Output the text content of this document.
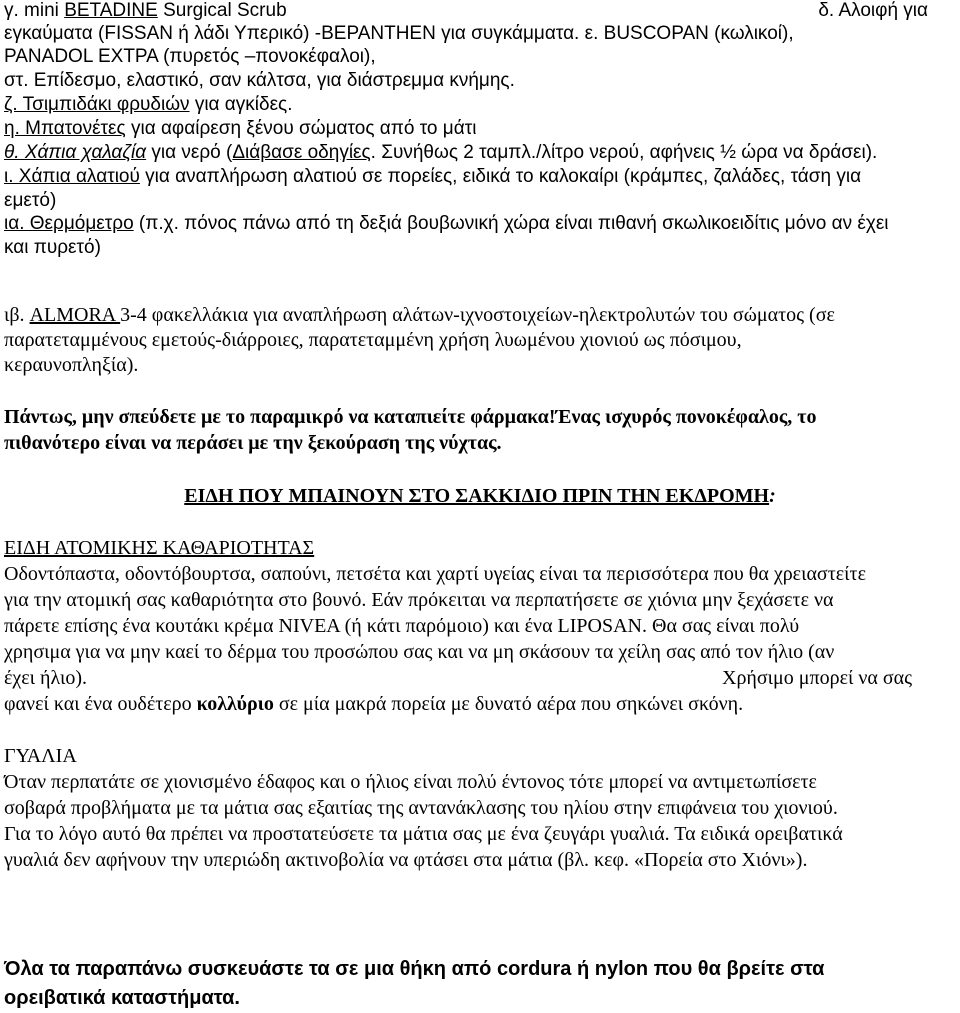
γ. mini BETADINE Surgical Scrub	δ. Αλοιφή για
εγκαύματα (FISSAN ή λάδι Υπερικό) -BEPANTHEN για συγκάμματα. ε. BUSCOPAN (κωλικοί),
PANADOL EXTPA (πυρετός –πονοκέφαλοι),
στ. Επίδεσμο, ελαστικό, σαν κάλτσα, για διάστρεμμα κνήμης.
ζ. Τσιμπιδάκι φρυδιών για αγκίδες.
η. Μπατονέτες για αφαίρεση ξένου σώματος από το μάτι
θ. Χάπια χαλαζία για νερό (Διάβασε οδηγίες. Συνήθως 2 ταμπλ./λίτρο νερού, αφήνεις ½ ώρα να δράσει).
ι. Χάπια αλατιού για αναπλήρωση αλατιού σε πορείες, ειδικά το καλοκαίρι (κράμπες, ζαλάδες, τάση για
εμετό)
ια. Θερμόμετρο (π.χ. πόνος πάνω από τη δεξιά βουβωνική χώρα είναι πιθανή σκωλικοειδίτις μόνο αν έχει
και πυρετό)
ιβ. ALMORA 3-4 φακελλάκια για αναπλήρωση αλάτων-ιχνοστοιχείων-ηλεκτρολυτών του σώματος (σε
παρατεταμμένους εμετούς-διάρροιες, παρατεταμμένη χρήση λυωμένου χιονιού ως πόσιμου,
κεραυνοπληξία).
Πάντως, μην σπεύδετε με το παραμικρό να καταπιείτε φάρμακα!Ένας ισχυρός πονοκέφαλος, το
πιθανότερο είναι να περάσει με την ξεκούραση της νύχτας.
ΕΙΔΗ ΠΟΥ ΜΠΑΙΝΟΥΝ ΣΤΟ ΣΑΚΚΙΔΙΟ ΠΡΙΝ ΤΗΝ ΕΚΔΡΟΜΗ:
ΕΙΔΗ ΑΤΟΜΙΚΗΣ ΚΑΘΑΡΙΟΤΗΤΑΣ
Οδοντόπαστα, οδοντόβουρτσα, σαπούνι, πετσέτα και χαρτί υγείας είναι τα περισσότερα που θα χρειαστείτε
για την ατομική σας καθαριότητα στο βουνό. Εάν πρόκειται να περπατήσετε σε χιόνια μην ξεχάσετε να
πάρετε επίσης ένα κουτάκι κρέμα NIVEA (ή κάτι παρόμοιο) και ένα LIPOSAN. Θα σας είναι πολύ
χρησιμα για να μην καεί το δέρμα του προσώπου σας και να μη σκάσουν τα χείλη σας από τον ήλιο (αν
έχει ήλιο).	Χρήσιμο μπορεί να σας
φανεί και ένα ουδέτερο κολλύριο σε μία μακρά πορεία με δυνατό αέρα που σηκώνει σκόνη.
ΓΥΑΛΙΑ
Όταν περπατάτε σε χιονισμένο έδαφος και ο ήλιος είναι πολύ έντονος τότε μπορεί να αντιμετωπίσετε
σοβαρά προβλήματα με τα μάτια σας εξαιτίας της αντανάκλασης του ηλίου στην επιφάνεια του χιονιού.
Για το λόγο αυτό θα πρέπει να προστατεύσετε τα μάτια σας με ένα ζευγάρι γυαλιά. Τα ειδικά ορειβατικά
γυαλιά δεν αφήνουν την υπεριώδη ακτινοβολία να φτάσει στα μάτια (βλ. κεφ. «Πορεία στο Χιόνι»).
Όλα τα παραπάνω συσκευάστε τα σε μια θήκη από cordura ή nylon που θα βρείτε στα
ορειβατικά καταστήματα.
